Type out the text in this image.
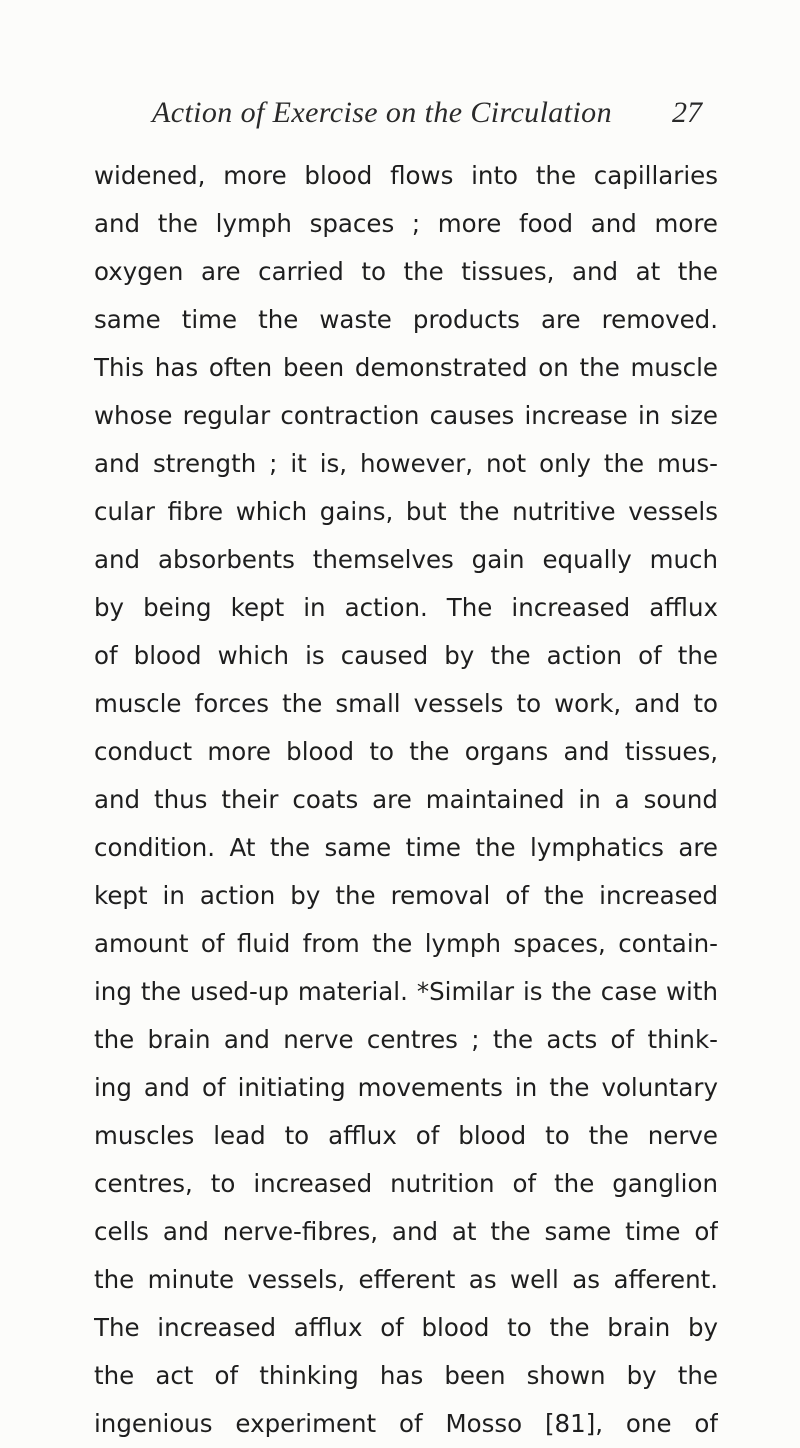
Action of Exercise on the Circulation 27
widened, more blood flows into the capillaries
and the lymph spaces ; more food and more
oxygen are carried to the tissues, and at the
same time the waste products are removed.
This has often been demonstrated on the muscle
whose regular contraction causes increase in size
and strength ; it is, however, not only the mus-
cular fibre which gains, but the nutritive vessels
and absorbents themselves gain equally much
by being kept in action. The increased afflux
of blood which is caused by the action of the
muscle forces the small vessels to work, and to
conduct more blood to the organs and tissues,
and thus their coats are maintained in a sound
condition. At the same time the lymphatics are
kept in action by the removal of the increased
amount of fluid from the lymph spaces, contain-
ing the used-up material. *Similar is the case with
the brain and nerve centres ; the acts of think-
ing and of initiating movements in the voluntary
muscles lead to afflux of blood to the nerve
centres, to increased nutrition of the ganglion
cells and nerve-fibres, and at the same time of
the minute vessels, efferent as well as afferent.
The increased afflux of blood to the brain by
the act of thinking has been shown by the
ingenious experiment of Mosso [81], one of
